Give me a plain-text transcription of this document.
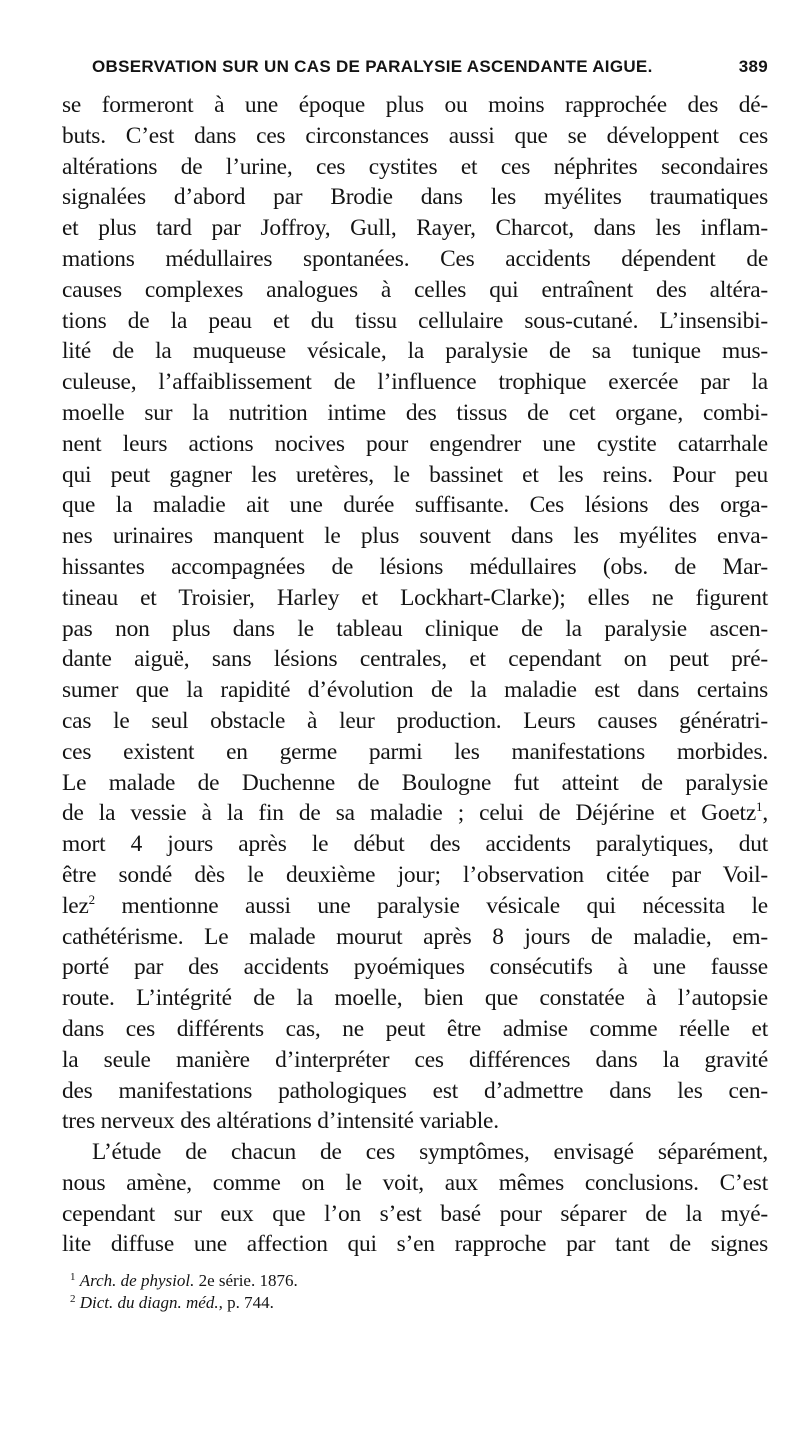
OBSERVATION SUR UN CAS DE PARALYSIE ASCENDANTE AIGUE.	389

se formeront à une époque plus ou moins rapprochée des dé-
buts. C’est dans ces circonstances aussi que se développent ces
altérations de l’urine, ces cystites et ces néphrites secondaires
signalées d’abord par Brodie dans les myélites traumatiques
et plus tard par Joffroy, Gull, Rayer, Charcot, dans les inflam-
mations médullaires spontanées. Ces accidents dépendent de
causes complexes analogues à celles qui entraînent des altéra-
tions de la peau et du tissu cellulaire sous-cutané. L’insensibi-
lité de la muqueuse vésicale, la paralysie de sa tunique mus-
culeuse, l’affaiblissement de l’influence trophique exercée par la
moelle sur la nutrition intime des tissus de cet organe, combi-
nent leurs actions nocives pour engendrer une cystite catarrhale
qui peut gagner les uretères, le bassinet et les reins. Pour peu
que la maladie ait une durée suffisante. Ces lésions des orga-
nes urinaires manquent le plus souvent dans les myélites enva-
hissantes accompagnées de lésions médullaires (obs. de Mar-
tineau et Troisier, Harley et Lockhart-Clarke); elles ne figurent
pas non plus dans le tableau clinique de la paralysie ascen-
dante aiguë, sans lésions centrales, et cependant on peut pré-
sumer que la rapidité d’évolution de la maladie est dans certains
cas le seul obstacle à leur production. Leurs causes génératri-
ces existent en germe parmi les manifestations morbides.
Le malade de Duchenne de Boulogne fut atteint de paralysie
de la vessie à la fin de sa maladie ; celui de Déjérine et Goetz$^1$,
mort 4 jours après le début des accidents paralytiques, dut
être sondé dès le deuxième jour; l’observation citée par Voil-
lez$^2$ mentionne aussi une paralysie vésicale qui nécessita le
cathétérisme. Le malade mourut après 8 jours de maladie, em-
porté par des accidents pyoémiques consécutifs à une fausse
route. L’intégrité de la moelle, bien que constatée à l’autopsie
dans ces différents cas, ne peut être admise comme réelle et
la seule manière d’interpréter ces différences dans la gravité
des manifestations pathologiques est d’admettre dans les cen-
tres nerveux des altérations d’intensité variable.

L’étude de chacun de ces symptômes, envisagé séparément,
nous amène, comme on le voit, aux mêmes conclusions. C’est
cependant sur eux que l’on s’est basé pour séparer de la myé-
lite diffuse une affection qui s’en rapproche par tant de signes

$^1$ Arch. de physiol. 2e série. 1876.
$^2$ Dict. du diagn. méd., p. 744.
